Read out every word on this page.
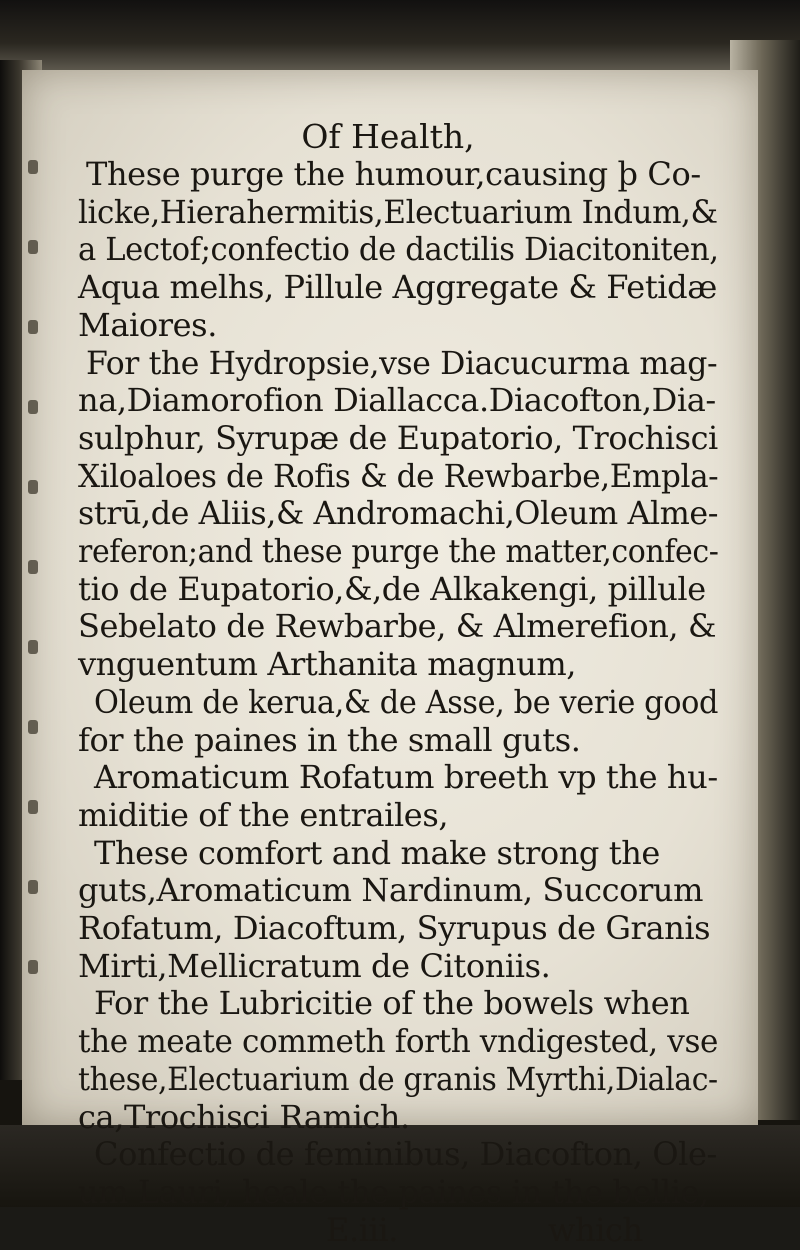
Of Health,
These purge the humour,causing þ Co-
licke,Hierahermitis,Electuarium Indum,&
a Lectof;confectio de dactilis Diacitoniten,
Aqua melhs, Pillule Aggregate & Fetidæ
Maiores.
For the Hydropsie,vse Diacucurma mag-
na,Diamorofion Diallacca.Diacofton,Dia-
sulphur, Syrupæ de Eupatorio, Trochisci
Xiloaloes de Rofis & de Rewbarbe,Empla-
strū,de Aliis,& Andromachi,Oleum Alme-
referon;and these purge the matter,confec-
tio de Eupatorio,&,de Alkakengi, pillule
Sebelato de Rewbarbe, & Almerefion, &
vnguentum Arthanita magnum,
Oleum de kerua,& de Asse, be verie good
for the paines in the small guts.
Aromaticum Rofatum breeth vp the hu-
miditie of the entrailes,
These comfort and make strong the
guts,Aromaticum Nardinum, Succorum
Rofatum, Diacoftum, Syrupus de Granis
Mirti,Mellicratum de Citoniis.
For the Lubricitie of the bowels when
the meate commeth forth vndigested, vse
these,Electuarium de granis Myrthi,Dialac-
ca,Trochisci Ramich.
Confectio de feminibus, Diacofton, Ole-
um Lauri, heale the paines in the bellie,
E.iii.	which
